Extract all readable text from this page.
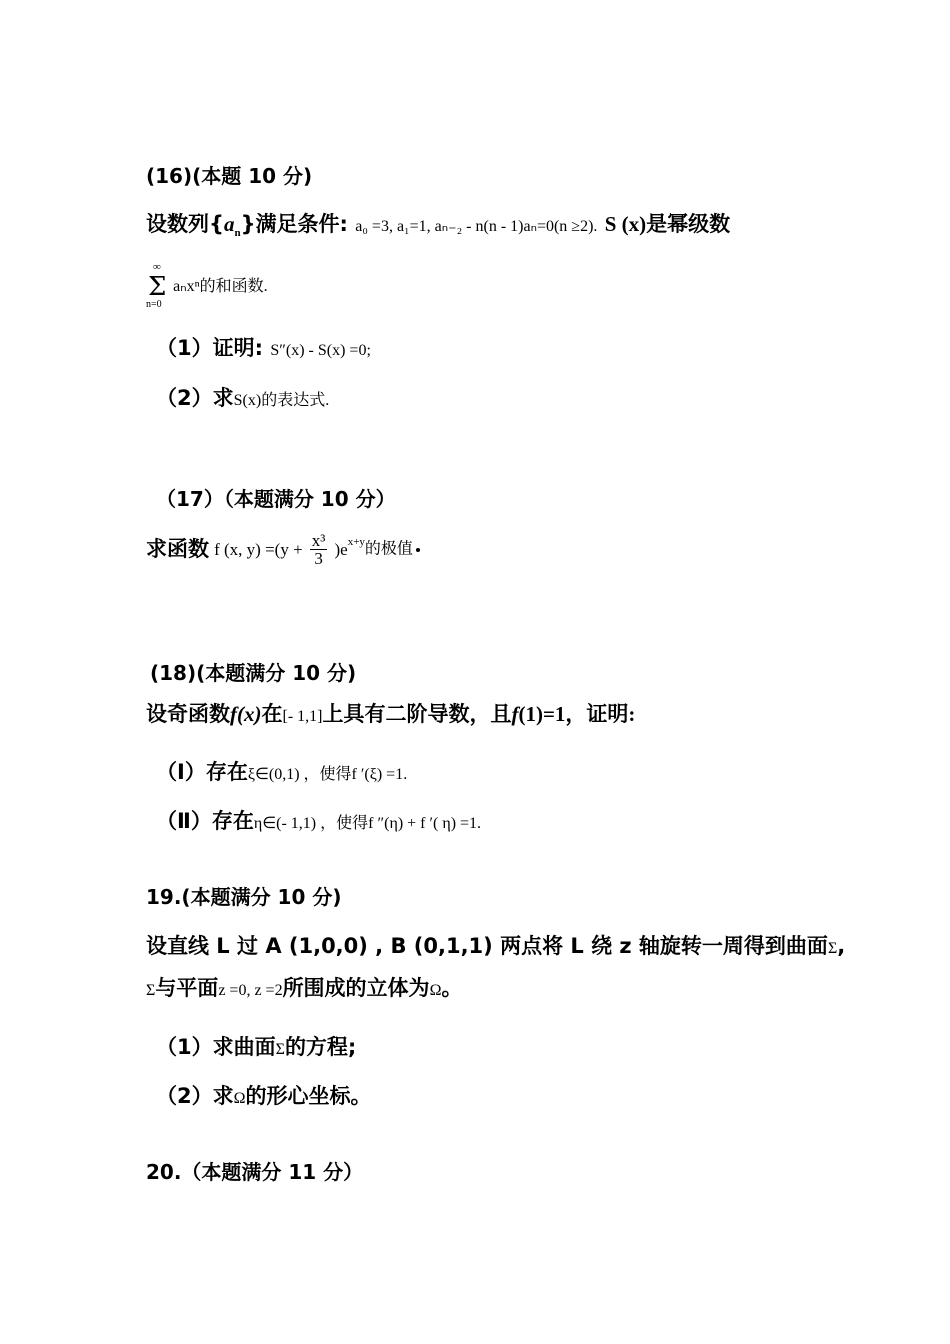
(16)(本题 10 分)
设数列$\{a_n\}$满足条件: a₀ =3, a₁=1, aₙ₋₂ - n(n - 1)aₙ=0(n ≥2). S (x)是幂级数
∞
Σ
n=0
aₙxⁿ的和函数.
（1）证明: S″(x) - S(x) =0;
（2）求S(x)的表达式.
（17）（本题满分 10 分）
求函数 f (x, $y) =(y + \frac{\text{x³}}{3} )e^{x+y}$的极值
(18)(本题满分 10 分)
设奇函数f(x)在[- 1,1]上具有二阶导数，且f(1)=1，证明:
（I）存在ξ∈(0,1) ，使得f ′(ξ) =1.
（Ⅱ）存在η∈(- 1,1) ，使得f ″(η) + f ′( η) =1.
19.(本题满分 10 分)
设直线 L 过 A (1,0,0) , B (0,1,1) 两点将 L 绕 z 轴旋转一周得到曲面Σ,
Σ与平面z =0, z =2所围成的立体为Ω。
（1）求曲面Σ的方程;
（2）求Ω的形心坐标。
20.（本题满分 11 分）
